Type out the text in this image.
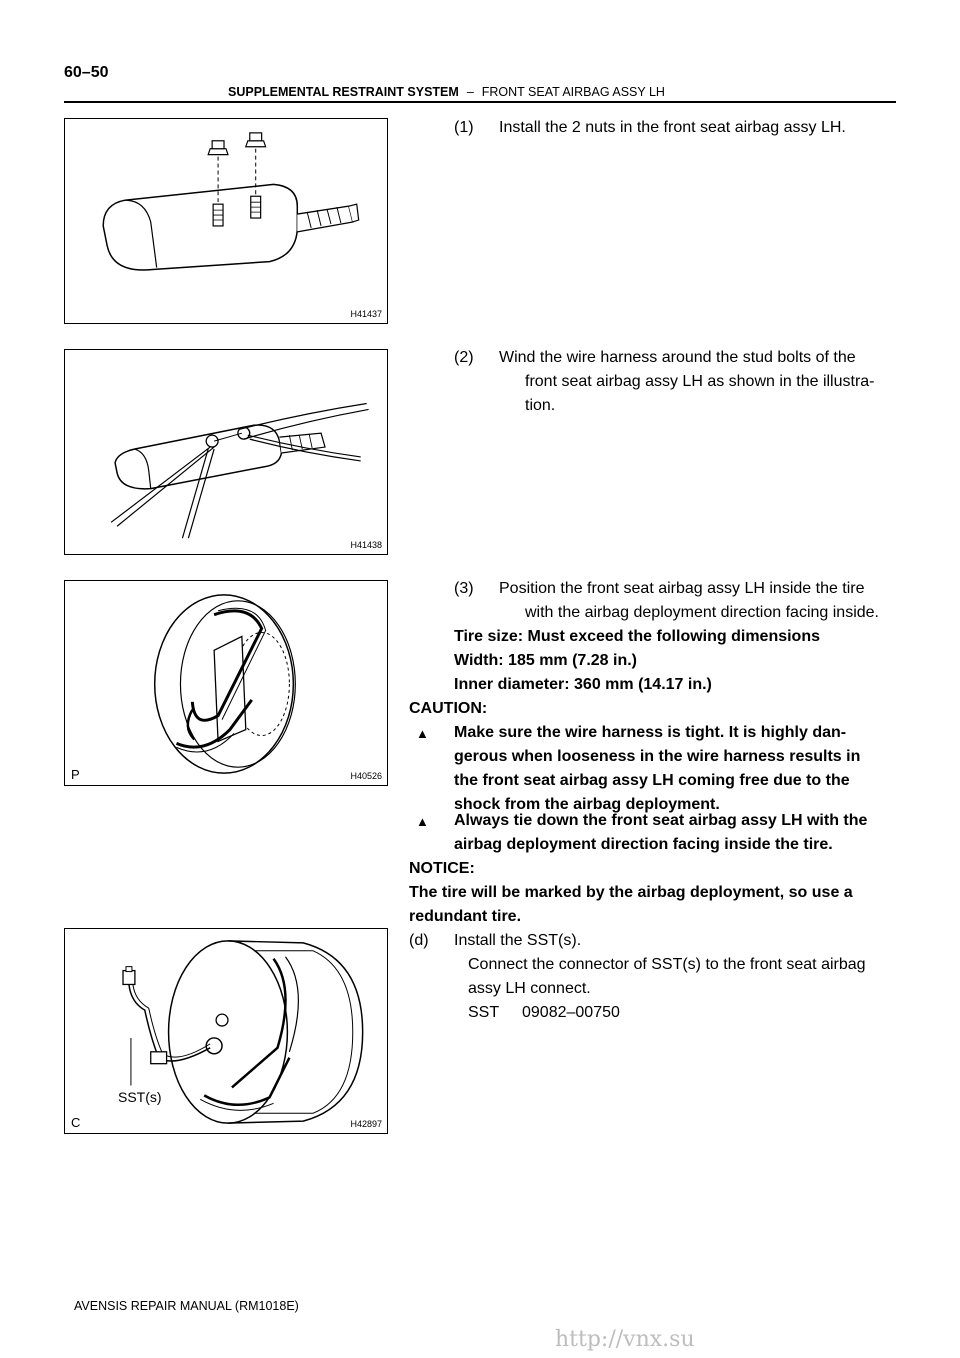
60–50
SUPPLEMENTAL RESTRAINT SYSTEM – FRONT SEAT AIRBAG ASSY LH
H41437
H41438
P	H40526
SST(s)
C	H42897
(1) Install the 2 nuts in the front seat airbag assy LH.
(2) Wind the wire harness around the stud bolts of the
front seat airbag assy LH as shown in the illustra-
tion.
(3) Position the front seat airbag assy LH inside the tire
with the airbag deployment direction facing inside.
Tire size: Must exceed the following dimensions
Width: 185 mm (7.28 in.)
Inner diameter: 360 mm (14.17 in.)
CAUTION:
▲ Make sure the wire harness is tight. It is highly dan-
gerous when looseness in the wire harness results in
the front seat airbag assy LH coming free due to the
shock from the airbag deployment.
▲ Always tie down the front seat airbag assy LH with the
airbag deployment direction facing inside the tire.
NOTICE:
The tire will be marked by the airbag deployment, so use a
redundant tire.
(d) Install the SST(s).
Connect the connector of SST(s) to the front seat airbag
assy LH connect.
SST 09082–00750
AVENSIS REPAIR MANUAL (RM1018E)
http://vnx.su
